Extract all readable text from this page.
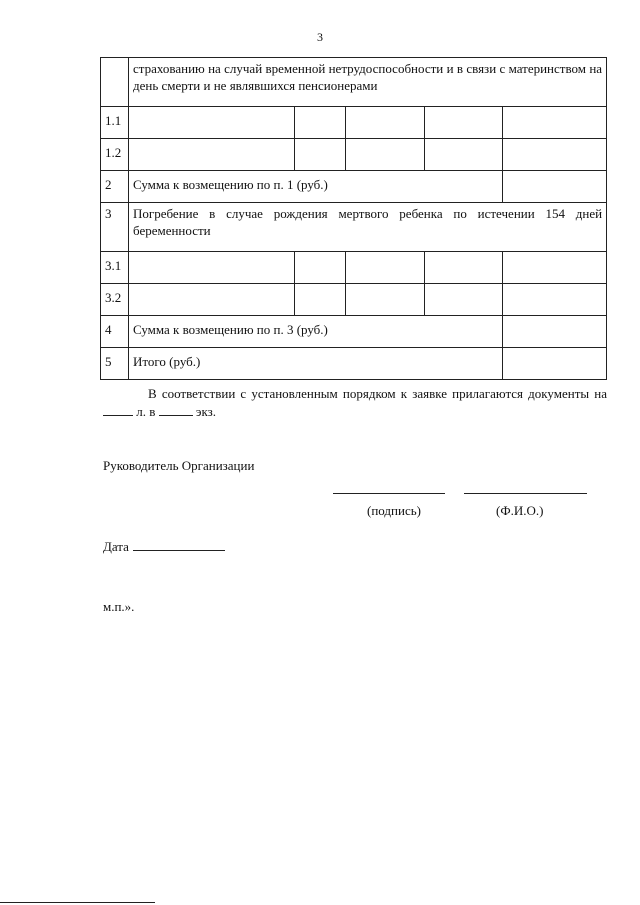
3
	страхованию на случай временной нетрудоспособности и в связи с материнством на день смерти и не являвшихся пенсионерами				
1.1					
1.2					
2	Сумма к возмещению по п. 1 (руб.)				
3	Погребение в случае рождения мертвого ребенка по истечении 154 дней беременности				
3.1					
3.2					
4	Сумма к возмещению по п. 3 (руб.)				
5	Итого (руб.)				
В соответствии с установленным порядком к заявке прилагаются документы на  л. в	экз.
Руководитель Организации
(подпись)	(Ф.И.О.)
Дата
м.п.».
